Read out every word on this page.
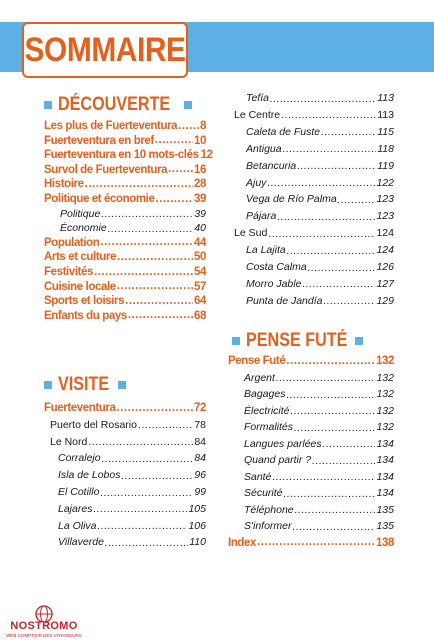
SOMMAIRE
DÉCOUVERTE
VISITE
PENSE FUTÉ
Les plus de Fuerteventura ..... 8
Fuerteventura en bref .....	10
Fuerteventura en 10 mots-clés 12
Survol de Fuerteventura ..... 16
Histoire .....	28
Politique et économie .....	39
Politique .....	39
Économie .....	40
Population .....	44
Arts et culture .....	50
Festivités .....	54
Cuisine locale .....	57
Sports et loisirs .....	64
Enfants du pays .....	68
Fuerteventura .....	72
Puerto del Rosario .....	78
Le Nord .....	84
Corralejo .....	84
Isla de Lobos .....	96
El Cotillo .....	99
Lajares .....	105
La Oliva .....	106
Villaverde .....	110
Tefía .....	113
Le Centre .....	113
Caleta de Fuste .....	115
Antigua .....	118
Betancuria .....	119
Ajuy .....	122
Vega de Río Palma .....	123
Pájara .....	123
Le Sud .....	124
La Lajita .....	124
Costa Calma .....	126
Morro Jable .....	127
Punta de Jandía .....	129
Pense Futé .....	132
Argent .....	132
Bagages .....	132
Électricité .....	132
Formalités .....	132
Langues parlées .....	134
Quand partir ? .....	134
Santé .....	134
Sécurité .....	134
Téléphone .....	135
S'informer .....	135
Index .....	138
NOSTROMO
WEB COMPTOIR DES VOYAGEURS
